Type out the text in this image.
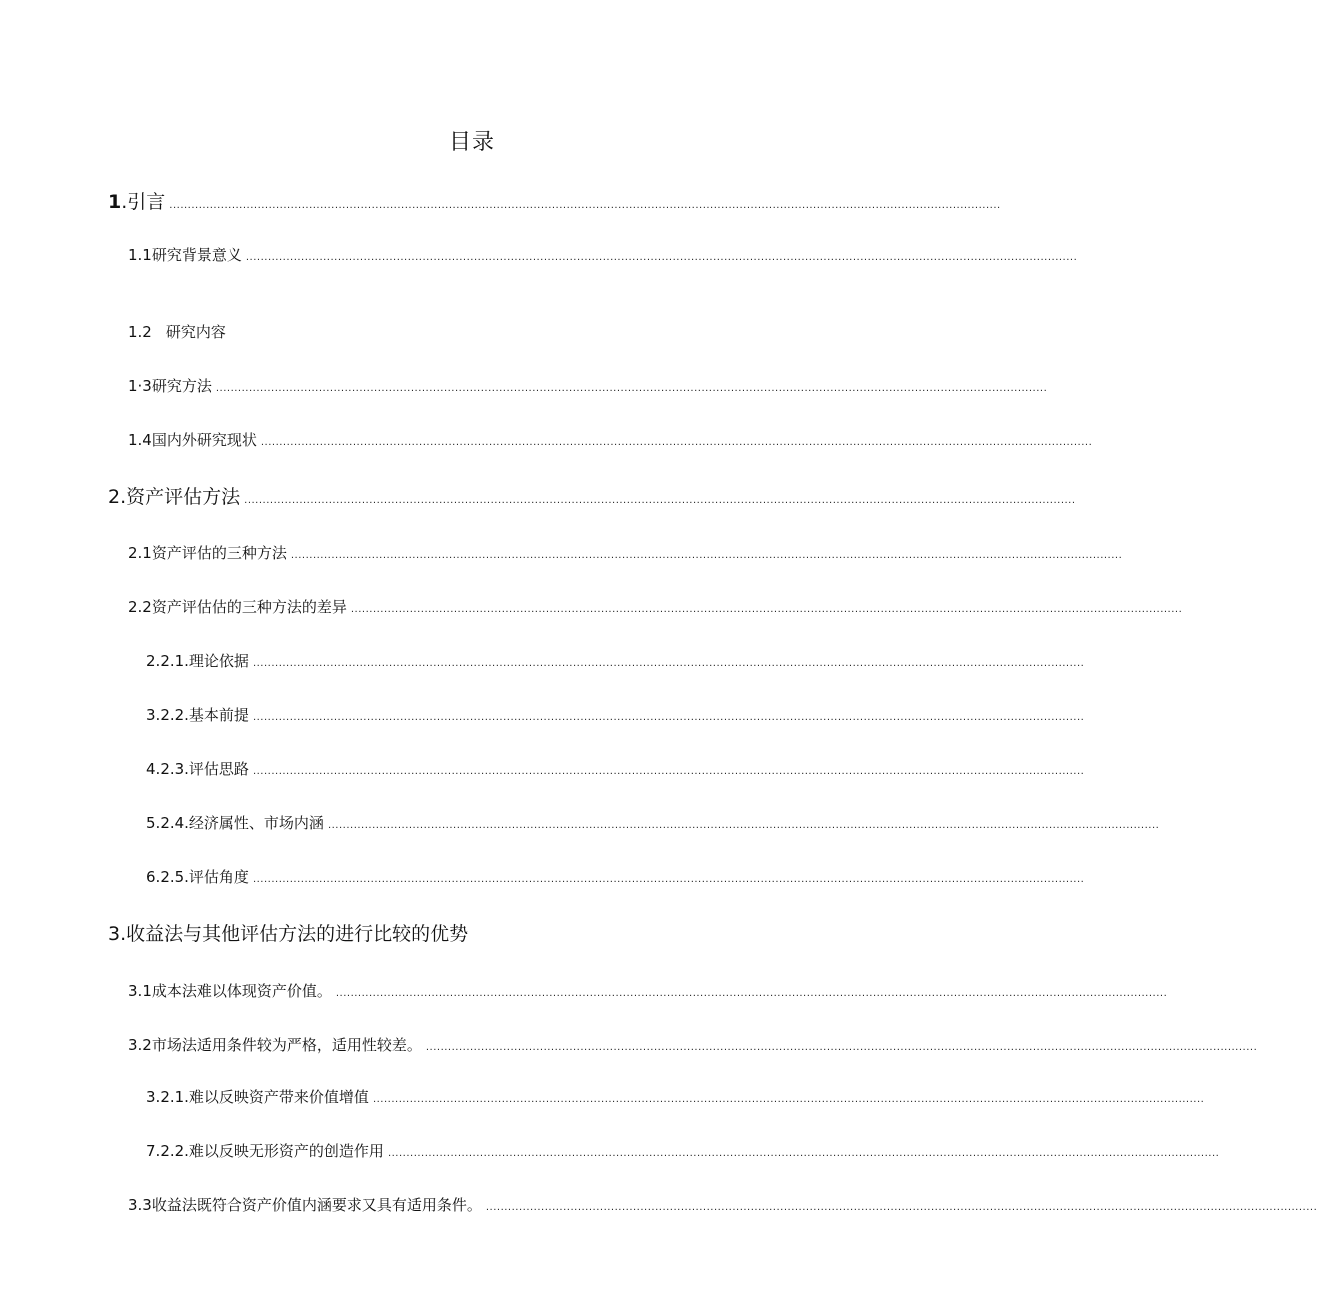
目录
1 .引言 ..................................................................................................................................................................................................................................
1.1 研究背景意义 ..................................................................................................................................................................................................................................
1.2 研究内容
1·3研究方法 ..................................................................................................................................................................................................................................
1.4国内外研究现状 ..................................................................................................................................................................................................................................
2.资产评估方法 ..................................................................................................................................................................................................................................
2.1 资产评估的三种方法 ..................................................................................................................................................................................................................................
2.2 资产评估估的三种方法的差异 ..................................................................................................................................................................................................................................
2. 2.1.理论依据 ..................................................................................................................................................................................................................................
3. 2.2.基本前提 ..................................................................................................................................................................................................................................
4. 2.3.评估思路 ..................................................................................................................................................................................................................................
5. 2.4.经济属性、市场内涵 ..................................................................................................................................................................................................................................
6. 2.5.评估角度 ..................................................................................................................................................................................................................................
3.收益法与其他评估方法的进行比较的优势
3. 1成本法难以体现资产价值。 ..................................................................................................................................................................................................................................
3.2市场法适用条件较为严格，适用性较差。 ..................................................................................................................................................................................................................................
3. 2.1.难以反映资产带来价值增值 ..................................................................................................................................................................................................................................
7. 2.2.难以反映无形资产的创造作用 ..................................................................................................................................................................................................................................
3.3收益法既符合资产价值内涵要求又具有适用条件。 ..................................................................................................................................................................................................................................
